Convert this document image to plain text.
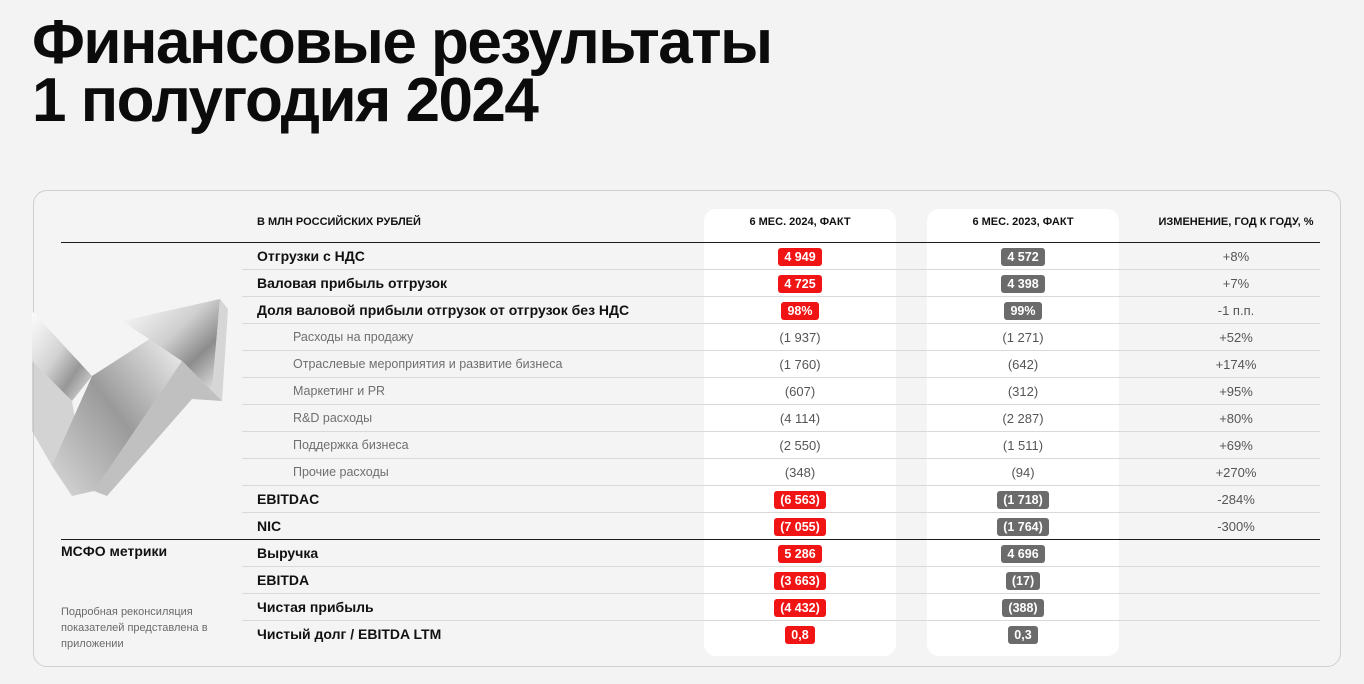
Финансовые результаты
1 полугодия 2024
В МЛН РОССИЙСКИХ РУБЛЕЙ	6 МЕС. 2024, ФАКТ	6 МЕС. 2023, ФАКТ	ИЗМЕНЕНИЕ, ГОД К ГОДУ, %
Отгрузки с НДС	4 949	4 572	+8%
Валовая прибыль отгрузок	4 725	4 398	+7%
Доля валовой прибыли отгрузок от отгрузок без НДС	98%	99%	-1 п.п.
Расходы на продажу	(1 937)	(1 271)	+52%
Отраслевые мероприятия и развитие бизнеса	(1 760)	(642)	+174%
Маркетинг и PR	(607)	(312)	+95%
R&D расходы	(4 114)	(2 287)	+80%
Поддержка бизнеса	(2 550)	(1 511)	+69%
Прочие расходы	(348)	(94)	+270%
EBITDAC	(6 563)	(1 718)	-284%
NIC	(7 055)	(1 764)	-300%
МСФО метрики
Подробная реконсиляция показателей представлена в приложении
Выручка	5 286	4 696
EBITDA	(3 663)	(17)
Чистая прибыль	(4 432)	(388)
Чистый долг / EBITDA LTM	0,8	0,3
